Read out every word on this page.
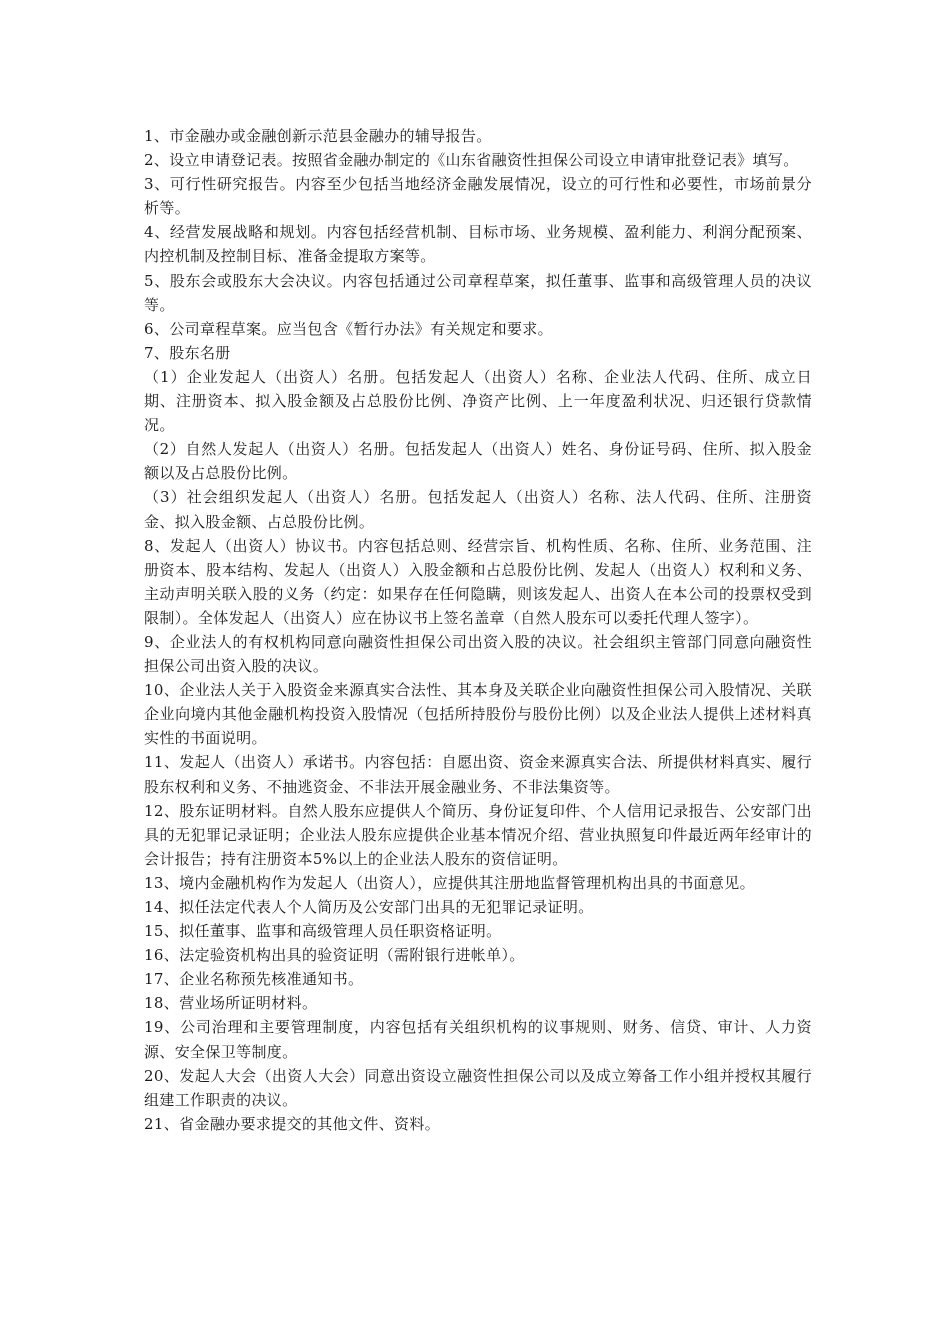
1、市金融办或金融创新示范县金融办的辅导报告。

2、设立申请登记表。按照省金融办制定的《山东省融资性担保公司设立申请审批登记表》填写。

3、可行性研究报告。内容至少包括当地经济金融发展情况，设立的可行性和必要性，市场前景分析等。

4、经营发展战略和规划。内容包括经营机制、目标市场、业务规模、盈利能力、利润分配预案、内控机制及控制目标、准备金提取方案等。

5、股东会或股东大会决议。内容包括通过公司章程草案，拟任董事、监事和高级管理人员的决议等。

6、公司章程草案。应当包含《暂行办法》有关规定和要求。

7、股东名册

（1）企业发起人（出资人）名册。包括发起人（出资人）名称、企业法人代码、住所、成立日期、注册资本、拟入股金额及占总股份比例、净资产比例、上一年度盈利状况、归还银行贷款情况。

（2）自然人发起人（出资人）名册。包括发起人（出资人）姓名、身份证号码、住所、拟入股金额以及占总股份比例。

（3）社会组织发起人（出资人）名册。包括发起人（出资人）名称、法人代码、住所、注册资金、拟入股金额、占总股份比例。

8、发起人（出资人）协议书。内容包括总则、经营宗旨、机构性质、名称、住所、业务范围、注册资本、股本结构、发起人（出资人）入股金额和占总股份比例、发起人（出资人）权利和义务、主动声明关联入股的义务（约定：如果存在任何隐瞒，则该发起人、出资人在本公司的投票权受到限制）。全体发起人（出资人）应在协议书上签名盖章（自然人股东可以委托代理人签字）。

9、企业法人的有权机构同意向融资性担保公司出资入股的决议。社会组织主管部门同意向融资性担保公司出资入股的决议。

10、企业法人关于入股资金来源真实合法性、其本身及关联企业向融资性担保公司入股情况、关联企业向境内其他金融机构投资入股情况（包括所持股份与股份比例）以及企业法人提供上述材料真实性的书面说明。

11、发起人（出资人）承诺书。内容包括：自愿出资、资金来源真实合法、所提供材料真实、履行股东权利和义务、不抽逃资金、不非法开展金融业务、不非法集资等。

12、股东证明材料。自然人股东应提供人个简历、身份证复印件、个人信用记录报告、公安部门出具的无犯罪记录证明；企业法人股东应提供企业基本情况介绍、营业执照复印件最近两年经审计的会计报告；持有注册资本5%以上的企业法人股东的资信证明。

13、境内金融机构作为发起人（出资人），应提供其注册地监督管理机构出具的书面意见。

14、拟任法定代表人个人简历及公安部门出具的无犯罪记录证明。

15、拟任董事、监事和高级管理人员任职资格证明。

16、法定验资机构出具的验资证明（需附银行进帐单）。

17、企业名称预先核准通知书。

18、营业场所证明材料。

19、公司治理和主要管理制度，内容包括有关组织机构的议事规则、财务、信贷、审计、人力资源、安全保卫等制度。

20、发起人大会（出资人大会）同意出资设立融资性担保公司以及成立筹备工作小组并授权其履行组建工作职责的决议。

21、省金融办要求提交的其他文件、资料。
